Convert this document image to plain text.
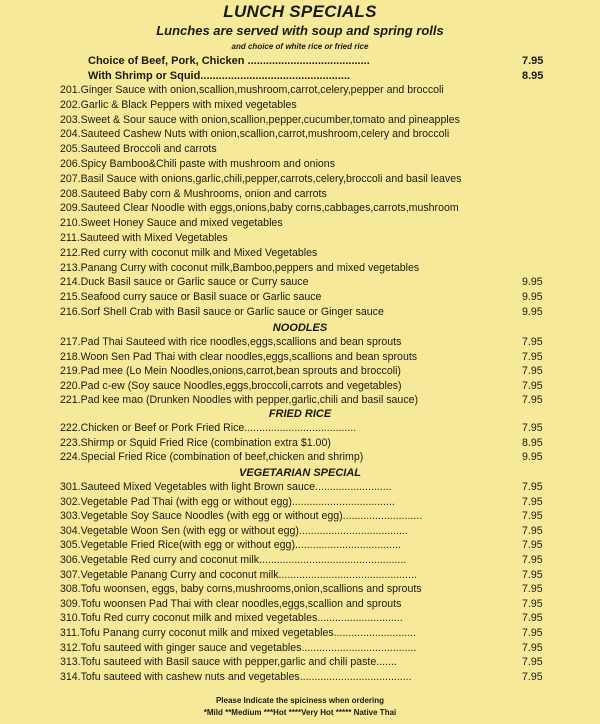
LUNCH SPECIALS
Lunches are served with soup and spring rolls
and choice of white rice or fried rice
Choice of Beef, Pork, Chicken ........................................	7.95
With Shrimp or Squid.................................................	8.95
201.Ginger Sauce with onion,scallion,mushroom,carrot,celery,pepper and broccoli
202.Garlic & Black Peppers with mixed vegetables
203.Sweet & Sour sauce with onion,scallion,pepper,cucumber,tomato and pineapples
204.Sauteed Cashew Nuts with onion,scallion,carrot,mushroom,celery and broccoli
205.Sauteed Broccoli and carrots
206.Spicy Bamboo&Chili paste with mushroom and onions
207.Basil Sauce with onions,garlic,chili,pepper,carrots,celery,broccoli and basil leaves
208.Sauteed Baby corn & Mushrooms, onion and carrots
209.Sauteed Clear Noodle with eggs,onions,baby corns,cabbages,carrots,mushroom
210.Sweet Honey Sauce and mixed vegetables
211.Sauteed with Mixed Vegetables
212.Red curry with coconut milk and Mixed Vegetables
213.Panang Curry with coconut milk,Bamboo,peppers and mixed vegetables
214.Duck Basil sauce or Garlic sauce or Curry sauce	9.95
215.Seafood curry sauce or Basil suace or Garlic sauce	9.95
216.Sorf Shell Crab with Basil sauce or Garlic sauce or Ginger sauce	9.95
NOODLES
217.Pad Thai Sauteed with rice noodles,eggs,scallions and bean sprouts	7.95
218.Woon Sen Pad Thai with clear noodles,eggs,scallions and bean sprouts	7.95
219.Pad mee (Lo Mein Noodles,onions,carrot,bean sprouts and broccoli)	7.95
220.Pad c-ew (Soy sauce Noodles,eggs,broccoli,carrots and vegetables)	7.95
221.Pad kee mao (Drunken Noodles with pepper,garlic,chili and basil sauce)	7.95
FRIED RICE
222.Chicken or Beef or Pork Fried Rice......................................	7.95
223.Shirmp or Squid Fried Rice (combination extra $1.00)	8.95
224.Special Fried Rice (combination of beef,chicken and shrimp)	9.95
VEGETARIAN SPECIAL
301.Sauteed Mixed Vegetables with light Brown sauce..........................	7.95
302.Vegetable Pad Thai (with egg or without egg)...................................	7.95
303.Vegetable Soy Sauce Noodles (with egg or without egg)...........................	7.95
304.Vegetable Woon Sen (with egg or without egg).....................................	7.95
305.Vegetable Fried Rice(with egg or without egg)....................................	7.95
306.Vegetable Red curry and coconut milk..................................................	7.95
307.Vegetable Panang Curry and coconut milk...............................................	7.95
308.Tofu woonsen, eggs, baby corns,mushrooms,onion,scallions and sprouts	7.95
309.Tofu woonsen Pad Thai with clear noodles,eggs,scallion and sprouts	7.95
310.Tofu Red curry coconut milk and mixed vegetables.............................	7.95
311.Tofu Panang curry coconut milk and mixed vegetables............................	7.95
312.Tofu sauteed with ginger sauce and vegetables.......................................	7.95
313.Tofu sauteed with Basil sauce with pepper,garlic and chili paste.......	7.95
314.Tofu sauteed with cashew nuts and vegetables......................................	7.95
Please Indicate the spiciness when ordering
*Mild **Medium ***Hot ****Very Hot ***** Native Thai
